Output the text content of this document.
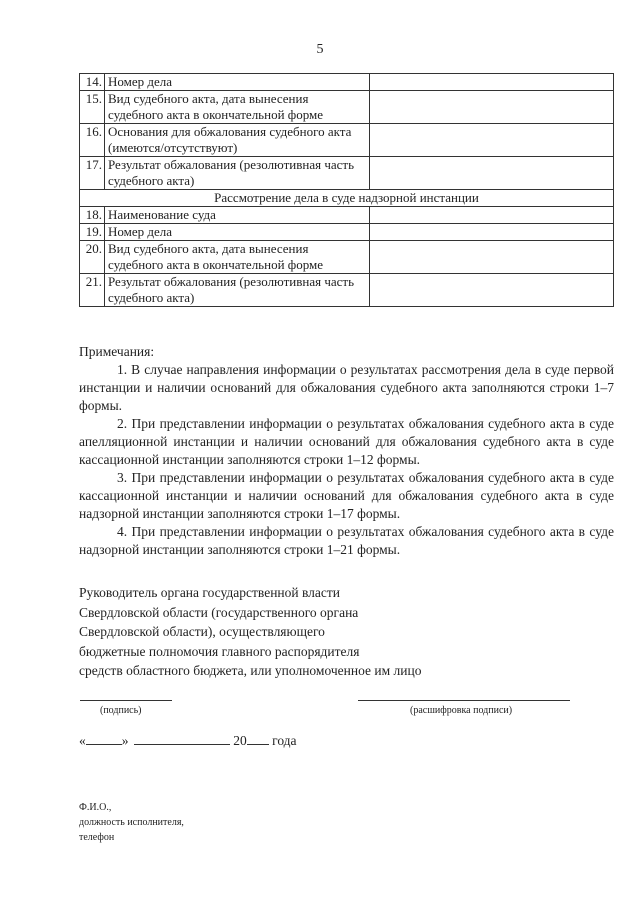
5
14.	Номер дела	
15.	Вид судебного акта, дата вынесения судебного акта в окончательной форме	
16.	Основания для обжалования судебного акта (имеются/отсутствуют)	
17.	Результат обжалования (резолютивная часть судебного акта)	
Рассмотрение дела в суде надзорной инстанции		
18.	Наименование суда	
19.	Номер дела	
20.	Вид судебного акта, дата вынесения судебного акта в окончательной форме	
21.	Результат обжалования (резолютивная часть судебного акта)	
Примечания:

1. В случае направления информации о результатах рассмотрения дела в суде первой инстанции и наличии оснований для обжалования судебного акта заполняются строки 1–7 формы.

2. При представлении информации о результатах обжалования судебного акта в суде апелляционной инстанции и наличии оснований для обжалования судебного акта в суде кассационной инстанции заполняются строки 1–12 формы.

3. При представлении информации о результатах обжалования судебного акта в суде кассационной инстанции и наличии оснований для обжалования судебного акта в суде надзорной инстанции заполняются строки 1–17 формы.

4. При представлении информации о результатах обжалования судебного акта в суде надзорной инстанции заполняются строки 1–21 формы.

Руководитель органа государственной власти
Свердловской области (государственного органа
Свердловской области), осуществляющего
бюджетные полномочия главного распорядителя
средств областного бюджета, или уполномоченное им лицо
(подпись)	(расшифровка подписи)
«	»	20 года
Ф.И.О.,
должность исполнителя,
телефон
